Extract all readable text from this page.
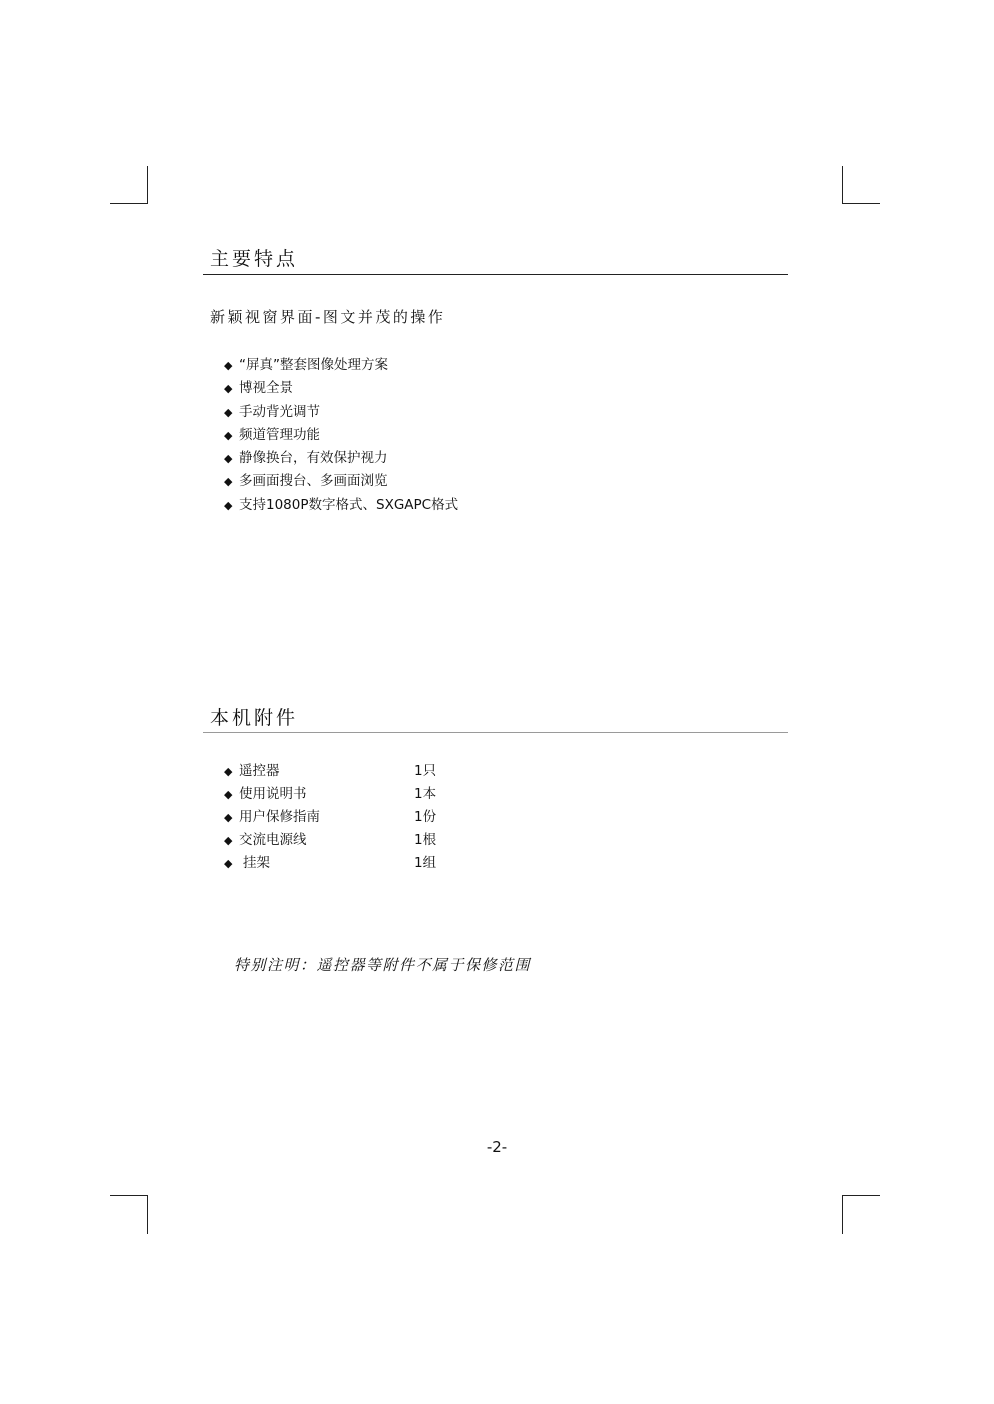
主要特点
新颖视窗界面-图文并茂的操作
◆ “屏真”整套图像处理方案
◆ 博视全景
◆ 手动背光调节
◆ 频道管理功能
◆ 静像换台，有效保护视力
◆ 多画面搜台、多画面浏览
◆ 支持1080P数字格式、SXGAPC格式
本机附件
◆ 遥控器	1只
◆ 使用说明书	1本
◆ 用户保修指南	1份
◆ 交流电源线	1根
◆ 挂架	1组
特别注明：遥控器等附件不属于保修范围
-2-
